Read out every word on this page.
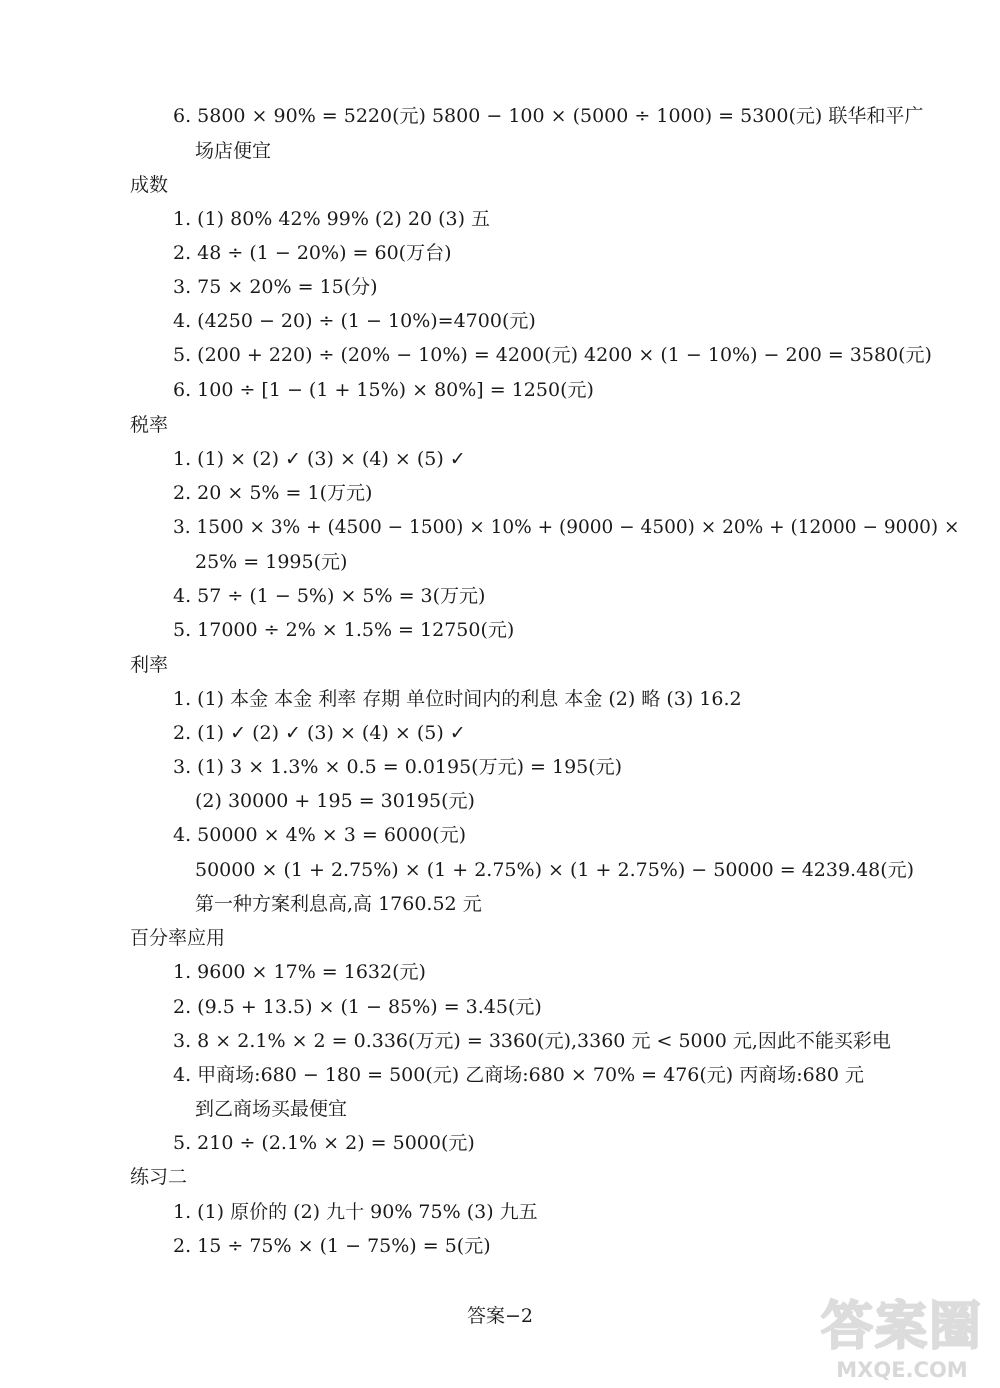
6. 5800 × 90% = 5220(元) 5800 − 100 × (5000 ÷ 1000) = 5300(元) 联华和平广
场店便宜
成数
1. (1) 80% 42% 99% (2) 20 (3) 五
2. 48 ÷ (1 − 20%) = 60(万台)
3. 75 × 20% = 15(分)
4. (4250 − 20) ÷ (1 − 10%)=4700(元)
5. (200 + 220) ÷ (20% − 10%) = 4200(元) 4200 × (1 − 10%) − 200 = 3580(元)
6. 100 ÷ [1 − (1 + 15%) × 80%] = 1250(元)
税率
1. (1) × (2) ✓ (3) × (4) × (5) ✓
2. 20 × 5% = 1(万元)
3. 1500 × 3% + (4500 − 1500) × 10% + (9000 − 4500) × 20% + (12000 − 9000) ×
25% = 1995(元)
4. 57 ÷ (1 − 5%) × 5% = 3(万元)
5. 17000 ÷ 2% × 1.5% = 12750(元)
利率
1. (1) 本金 本金 利率 存期 单位时间内的利息 本金 (2) 略 (3) 16.2
2. (1) ✓ (2) ✓ (3) × (4) × (5) ✓
3. (1) 3 × 1.3% × 0.5 = 0.0195(万元) = 195(元)
(2) 30000 + 195 = 30195(元)
4. 50000 × 4% × 3 = 6000(元)
50000 × (1 + 2.75%) × (1 + 2.75%) × (1 + 2.75%) − 50000 = 4239.48(元)
第一种方案利息高,高 1760.52 元
百分率应用
1. 9600 × 17% = 1632(元)
2. (9.5 + 13.5) × (1 − 85%) = 3.45(元)
3. 8 × 2.1% × 2 = 0.336(万元) = 3360(元),3360 元 < 5000 元,因此不能买彩电
4. 甲商场:680 − 180 = 500(元) 乙商场:680 × 70% = 476(元) 丙商场:680 元
到乙商场买最便宜
5. 210 ÷ (2.1% × 2) = 5000(元)
练习二
1. (1) 原价的 (2) 九十 90% 75% (3) 九五
2. 15 ÷ 75% × (1 − 75%) = 5(元)
答案−2	答案圈
MXQE.COM
